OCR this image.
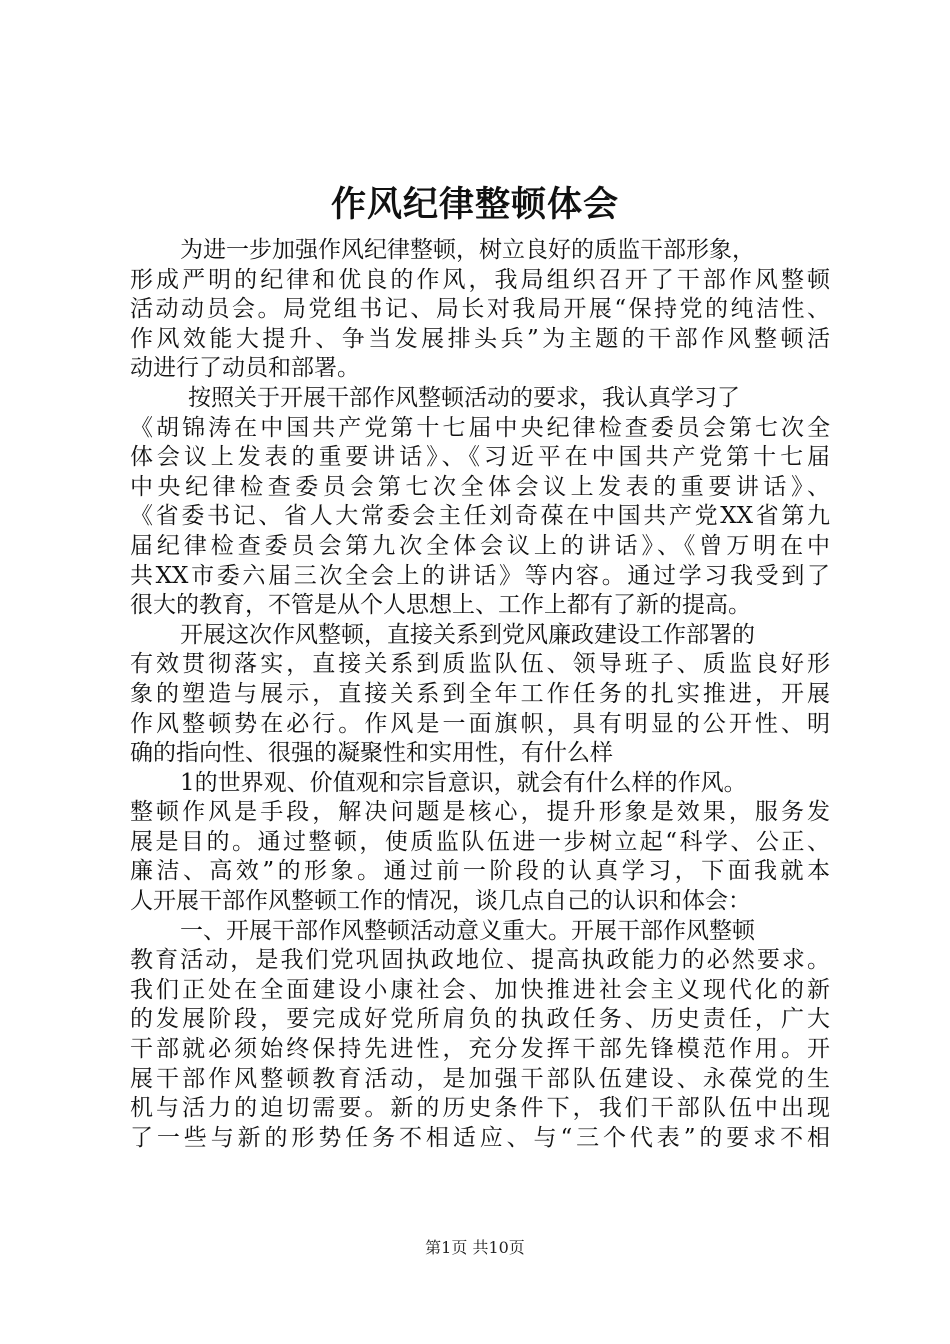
作风纪律整顿体会
为进一步加强作风纪律整顿，树立良好的质监干部形象，
形成严明的纪律和优良的作风，我局组织召开了干部作风整顿
活动动员会。局党组书记、局长对我局开展“保持党的纯洁性、
作风效能大提升、争当发展排头兵”为主题的干部作风整顿活
动进行了动员和部署。
按照关于开展干部作风整顿活动的要求，我认真学习了
《胡锦涛在中国共产党第十七届中央纪律检查委员会第七次全
体会议上发表的重要讲话》、《习近平在中国共产党第十七届
中央纪律检查委员会第七次全体会议上发表的重要讲话》、
《省委书记、省人大常委会主任刘奇葆在中国共产党XX省第九
届纪律检查委员会第九次全体会议上的讲话》、《曾万明在中
共XX市委六届三次全会上的讲话》等内容。通过学习我受到了
很大的教育，不管是从个人思想上、工作上都有了新的提高。
开展这次作风整顿，直接关系到党风廉政建设工作部署的
有效贯彻落实，直接关系到质监队伍、领导班子、质监良好形
象的塑造与展示，直接关系到全年工作任务的扎实推进，开展
作风整顿势在必行。作风是一面旗帜，具有明显的公开性、明
确的指向性、很强的凝聚性和实用性，有什么样
1的世界观、价值观和宗旨意识，就会有什么样的作风。
整顿作风是手段，解决问题是核心，提升形象是效果，服务发
展是目的。通过整顿，使质监队伍进一步树立起“科学、公正、
廉洁、高效”的形象。通过前一阶段的认真学习，下面我就本
人开展干部作风整顿工作的情况，谈几点自己的认识和体会：
一、开展干部作风整顿活动意义重大。开展干部作风整顿
教育活动，是我们党巩固执政地位、提高执政能力的必然要求。
我们正处在全面建设小康社会、加快推进社会主义现代化的新
的发展阶段，要完成好党所肩负的执政任务、历史责任，广大
干部就必须始终保持先进性，充分发挥干部先锋模范作用。开
展干部作风整顿教育活动，是加强干部队伍建设、永葆党的生
机与活力的迫切需要。新的历史条件下，我们干部队伍中出现
了一些与新的形势任务不相适应、与“三个代表”的要求不相
第1页 共10页
